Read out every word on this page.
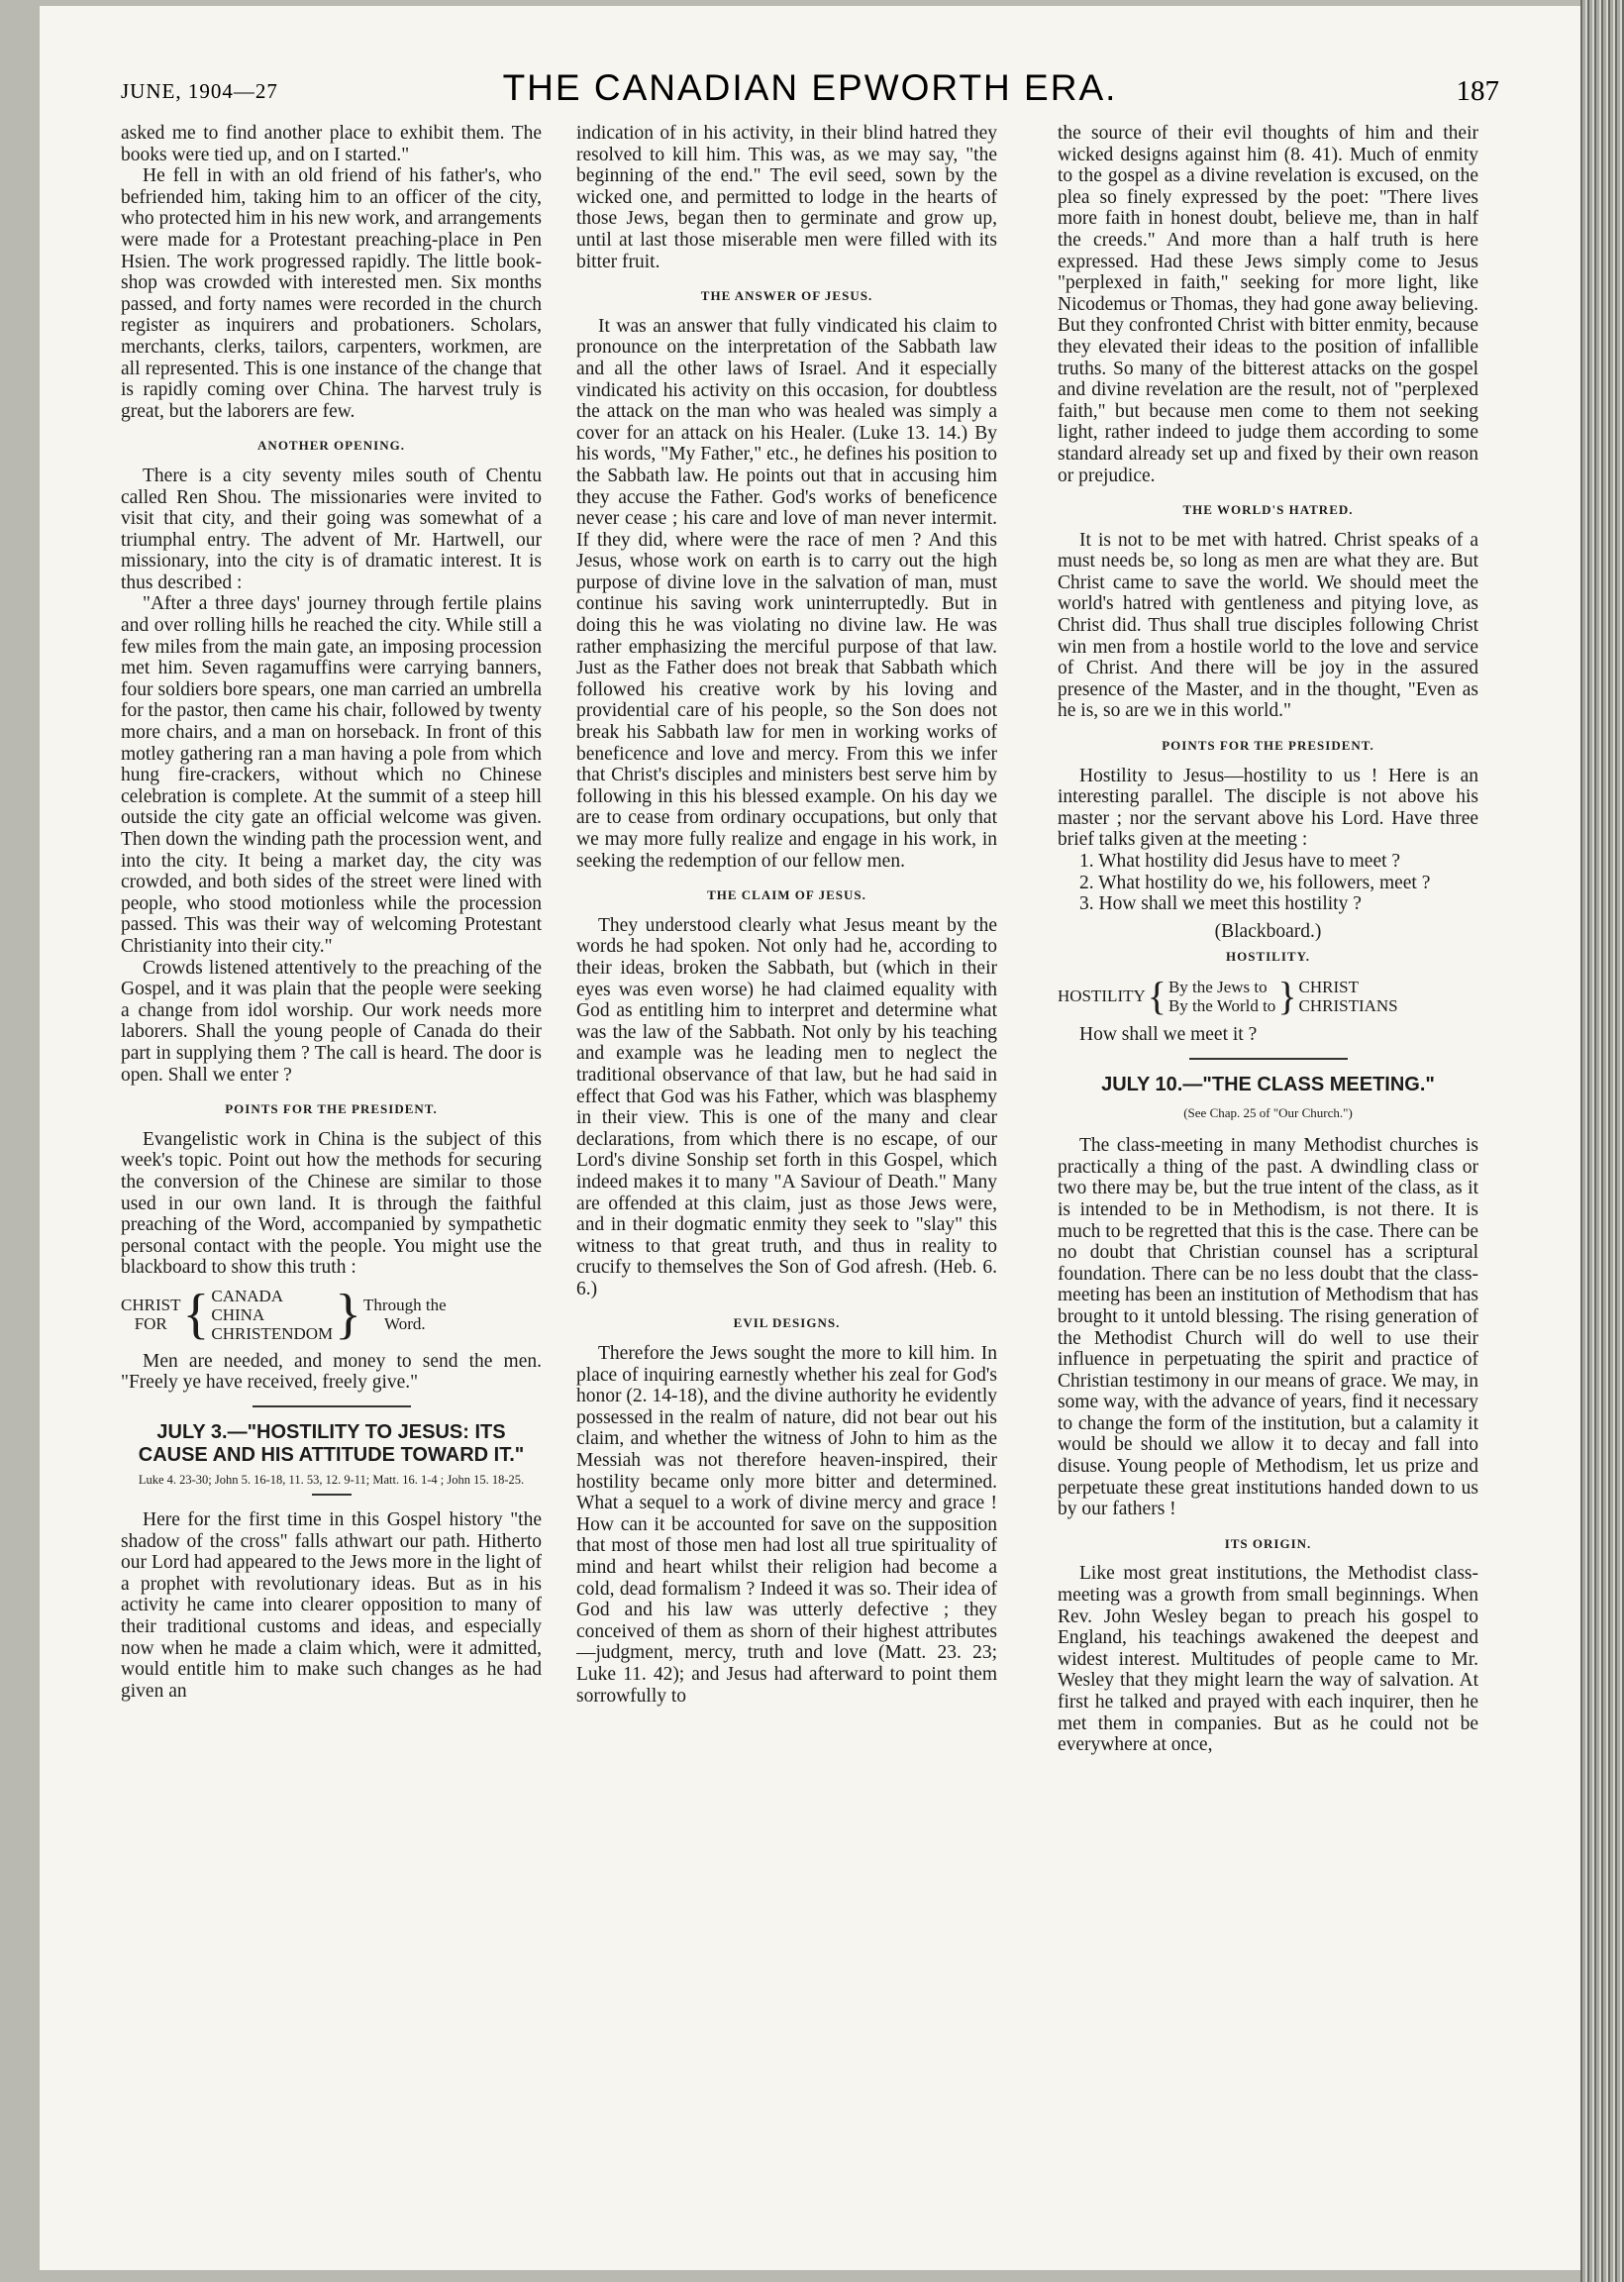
JUNE, 1904—27	THE CANADIAN EPWORTH ERA.	187

asked me to find another place to exhibit them. The books were tied up, and on I started."

He fell in with an old friend of his father's, who befriended him, taking him to an officer of the city, who protected him in his new work, and arrangements were made for a Protestant preaching-place in Pen Hsien. The work progressed rapidly. The little book-shop was crowded with interested men. Six months passed, and forty names were recorded in the church register as inquirers and probationers. Scholars, merchants, clerks, tailors, carpenters, workmen, are all represented. This is one instance of the change that is rapidly coming over China. The harvest truly is great, but the laborers are few.

ANOTHER OPENING.

There is a city seventy miles south of Chentu called Ren Shou. The missionaries were invited to visit that city, and their going was somewhat of a triumphal entry. The advent of Mr. Hartwell, our missionary, into the city is of dramatic interest. It is thus described :

"After a three days' journey through fertile plains and over rolling hills he reached the city. While still a few miles from the main gate, an imposing procession met him. Seven ragamuffins were carrying banners, four soldiers bore spears, one man carried an umbrella for the pastor, then came his chair, followed by twenty more chairs, and a man on horseback. In front of this motley gathering ran a man having a pole from which hung fire-crackers, without which no Chinese celebration is complete. At the summit of a steep hill outside the city gate an official welcome was given. Then down the winding path the procession went, and into the city. It being a market day, the city was crowded, and both sides of the street were lined with people, who stood motionless while the procession passed. This was their way of welcoming Protestant Christianity into their city."

Crowds listened attentively to the preaching of the Gospel, and it was plain that the people were seeking a change from idol worship. Our work needs more laborers. Shall the young people of Canada do their part in supplying them ? The call is heard. The door is open. Shall we enter ?

POINTS FOR THE PRESIDENT.

Evangelistic work in China is the subject of this week's topic. Point out how the methods for securing the conversion of the Chinese are similar to those used in our own land. It is through the faithful preaching of the Word, accompanied by sympathetic personal contact with the people. You might use the blackboard to show this truth :

CHRIST
FOR { CANADA
CHINA
CHRISTENDOM } Through the
Word.

Men are needed, and money to send the men. "Freely ye have received, freely give."

JULY 3.—"HOSTILITY TO JESUS: ITS CAUSE AND HIS ATTITUDE TOWARD IT."
Luke 4. 23-30; John 5. 16-18, 11. 53, 12. 9-11; Matt. 16. 1-4 ; John 15. 18-25.

Here for the first time in this Gospel history "the shadow of the cross" falls athwart our path. Hitherto our Lord had appeared to the Jews more in the light of a prophet with revolutionary ideas. But as in his activity he came into clearer opposition to many of their traditional customs and ideas, and especially now when he made a claim which, were it admitted, would entitle him to make such changes as he had given an

indication of in his activity, in their blind hatred they resolved to kill him. This was, as we may say, "the beginning of the end." The evil seed, sown by the wicked one, and permitted to lodge in the hearts of those Jews, began then to germinate and grow up, until at last those miserable men were filled with its bitter fruit.

THE ANSWER OF JESUS.

It was an answer that fully vindicated his claim to pronounce on the interpretation of the Sabbath law and all the other laws of Israel. And it especially vindicated his activity on this occasion, for doubtless the attack on the man who was healed was simply a cover for an attack on his Healer. (Luke 13. 14.) By his words, "My Father," etc., he defines his position to the Sabbath law. He points out that in accusing him they accuse the Father. God's works of beneficence never cease ; his care and love of man never intermit. If they did, where were the race of men ? And this Jesus, whose work on earth is to carry out the high purpose of divine love in the salvation of man, must continue his saving work uninterruptedly. But in doing this he was violating no divine law. He was rather emphasizing the merciful purpose of that law. Just as the Father does not break that Sabbath which followed his creative work by his loving and providential care of his people, so the Son does not break his Sabbath law for men in working works of beneficence and love and mercy. From this we infer that Christ's disciples and ministers best serve him by following in this his blessed example. On his day we are to cease from ordinary occupations, but only that we may more fully realize and engage in his work, in seeking the redemption of our fellow men.

THE CLAIM OF JESUS.

They understood clearly what Jesus meant by the words he had spoken. Not only had he, according to their ideas, broken the Sabbath, but (which in their eyes was even worse) he had claimed equality with God as entitling him to interpret and determine what was the law of the Sabbath. Not only by his teaching and example was he leading men to neglect the traditional observance of that law, but he had said in effect that God was his Father, which was blasphemy in their view. This is one of the many and clear declarations, from which there is no escape, of our Lord's divine Sonship set forth in this Gospel, which indeed makes it to many "A Saviour of Death." Many are offended at this claim, just as those Jews were, and in their dogmatic enmity they seek to "slay" this witness to that great truth, and thus in reality to crucify to themselves the Son of God afresh. (Heb. 6. 6.)

EVIL DESIGNS.

Therefore the Jews sought the more to kill him. In place of inquiring earnestly whether his zeal for God's honor (2. 14-18), and the divine authority he evidently possessed in the realm of nature, did not bear out his claim, and whether the witness of John to him as the Messiah was not therefore heaven-inspired, their hostility became only more bitter and determined. What a sequel to a work of divine mercy and grace ! How can it be accounted for save on the supposition that most of those men had lost all true spirituality of mind and heart whilst their religion had become a cold, dead formalism ? Indeed it was so. Their idea of God and his law was utterly defective ; they conceived of them as shorn of their highest attributes—judgment, mercy, truth and love (Matt. 23. 23; Luke 11. 42); and Jesus had afterward to point them sorrowfully to

the source of their evil thoughts of him and their wicked designs against him (8. 41). Much of enmity to the gospel as a divine revelation is excused, on the plea so finely expressed by the poet: "There lives more faith in honest doubt, believe me, than in half the creeds." And more than a half truth is here expressed. Had these Jews simply come to Jesus "perplexed in faith," seeking for more light, like Nicodemus or Thomas, they had gone away believing. But they confronted Christ with bitter enmity, because they elevated their ideas to the position of infallible truths. So many of the bitterest attacks on the gospel and divine revelation are the result, not of "perplexed faith," but because men come to them not seeking light, rather indeed to judge them according to some standard already set up and fixed by their own reason or prejudice.

THE WORLD'S HATRED.

It is not to be met with hatred. Christ speaks of a must needs be, so long as men are what they are. But Christ came to save the world. We should meet the world's hatred with gentleness and pitying love, as Christ did. Thus shall true disciples following Christ win men from a hostile world to the love and service of Christ. And there will be joy in the assured presence of the Master, and in the thought, "Even as he is, so are we in this world."

POINTS FOR THE PRESIDENT.

Hostility to Jesus—hostility to us ! Here is an interesting parallel. The disciple is not above his master ; nor the servant above his Lord. Have three brief talks given at the meeting :

1. What hostility did Jesus have to meet ?

2. What hostility do we, his followers, meet ?

3. How shall we meet this hostility ?

(Blackboard.)

HOSTILITY.
HOSTILITY { By the Jews to
By the World to } CHRIST
CHRISTIANS

How shall we meet it ?

JULY 10.—"THE CLASS MEETING."
(See Chap. 25 of "Our Church.")

The class-meeting in many Methodist churches is practically a thing of the past. A dwindling class or two there may be, but the true intent of the class, as it is intended to be in Methodism, is not there. It is much to be regretted that this is the case. There can be no doubt that Christian counsel has a scriptural foundation. There can be no less doubt that the class-meeting has been an institution of Methodism that has brought to it untold blessing. The rising generation of the Methodist Church will do well to use their influence in perpetuating the spirit and practice of Christian testimony in our means of grace. We may, in some way, with the advance of years, find it necessary to change the form of the institution, but a calamity it would be should we allow it to decay and fall into disuse. Young people of Methodism, let us prize and perpetuate these great institutions handed down to us by our fathers !

ITS ORIGIN.

Like most great institutions, the Methodist class-meeting was a growth from small beginnings. When Rev. John Wesley began to preach his gospel to England, his teachings awakened the deepest and widest interest. Multitudes of people came to Mr. Wesley that they might learn the way of salvation. At first he talked and prayed with each inquirer, then he met them in companies. But as he could not be everywhere at once,
